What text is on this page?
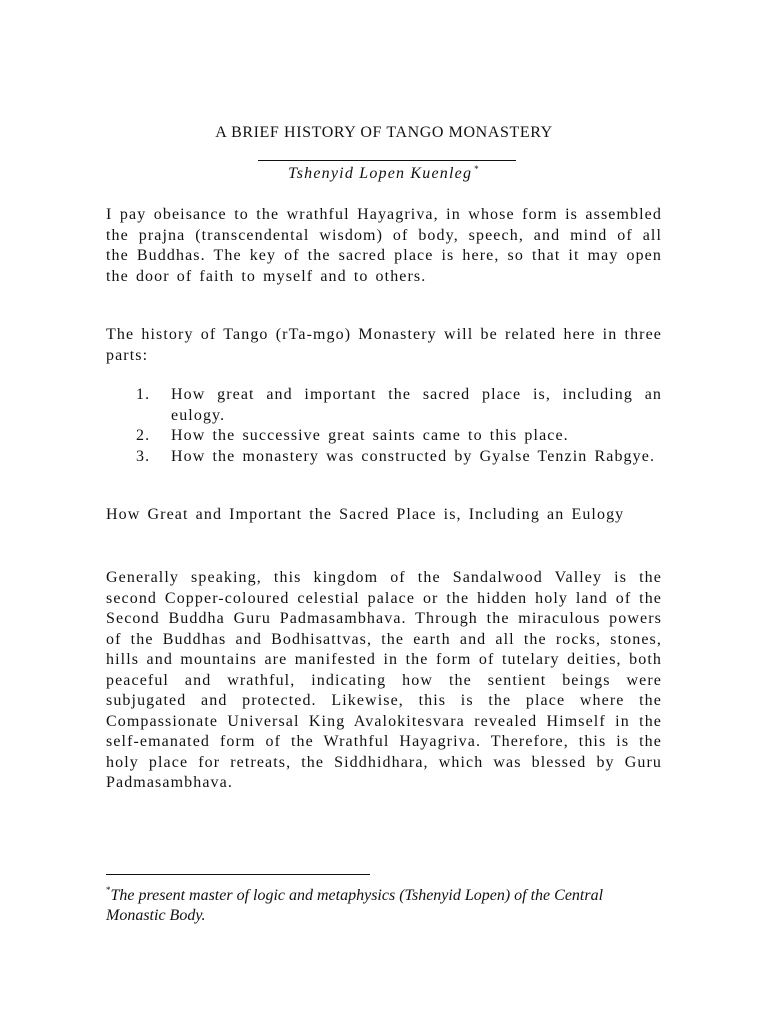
A BRIEF HISTORY OF TANGO MONASTERY
Tshenyid Lopen Kuenleg *

I pay obeisance to the wrathful Hayagriva, in whose form is assembled the prajna (transcendental wisdom) of body, speech, and mind of all the Buddhas. The key of the sacred place is here, so that it may open the door of faith to myself and to others.

The history of Tango (rTa-mgo) Monastery will be related here in three parts:

1. How great and important the sacred place is, including an eulogy.
2. How the successive great saints came to this place.
3. How the monastery was constructed by Gyalse Tenzin Rabgye.

How Great and Important the Sacred Place is, Including an Eulogy

Generally speaking, this kingdom of the Sandalwood Valley is the second Copper-coloured celestial palace or the hidden holy land of the Second Buddha Guru Padmasambhava. Through the miraculous powers of the Buddhas and Bodhisattvas, the earth and all the rocks, stones, hills and mountains are manifested in the form of tutelary deities, both peaceful and wrathful, indicating how the sentient beings were subjugated and protected. Likewise, this is the place where the Compassionate Universal King Avalokitesvara revealed Himself in the self-emanated form of the Wrathful Hayagriva. Therefore, this is the holy place for retreats, the Siddhidhara, which was blessed by Guru Padmasambhava.

*The present master of logic and metaphysics (Tshenyid Lopen) of the Central Monastic Body.
